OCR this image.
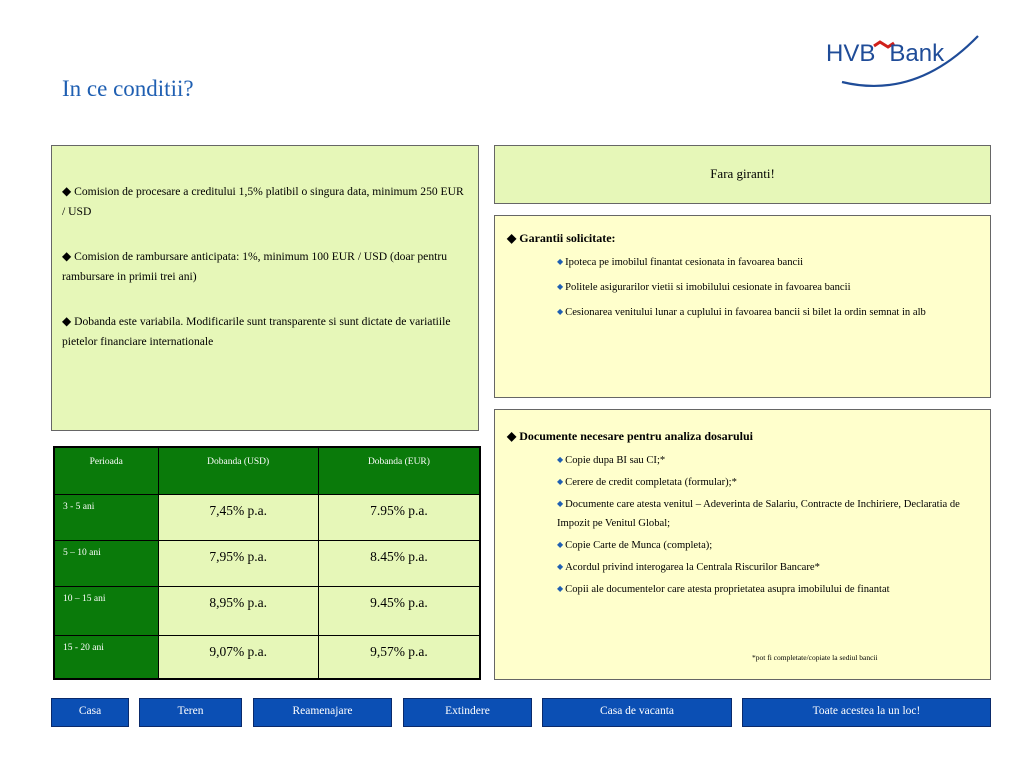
In ce conditii?
HVB Bank

◆ Comision de procesare a creditului 1,5% platibil o singura data, minimum 250 EUR / USD

◆ Comision de rambursare anticipata: 1%, minimum 100 EUR / USD (doar pentru rambursare in primii trei ani)

◆ Dobanda este variabila. Modificarile sunt transparente si sunt dictate de variatiile pietelor financiare internationale

Fara giranti!
◆ Garantii solicitate:
◆ Ipoteca pe imobilul finantat cesionata in favoarea bancii
◆ Politele asigurarilor vietii si imobilului cesionate in favoarea bancii
◆ Cesionarea venitului lunar a cuplului in favoarea bancii si bilet la ordin semnat in alb
◆ Documente necesare pentru analiza dosarului
◆ Copie dupa BI sau CI;*
◆ Cerere de credit completata (formular);*
◆ Documente care atesta venitul – Adeverinta de Salariu, Contracte de Inchiriere, Declaratia de Impozit pe Venitul Global;
◆ Copie Carte de Munca (completa);
◆ Acordul privind interogarea la Centrala Riscurilor Bancare*
◆ Copii ale documentelor care atesta proprietatea asupra imobilului de finantat
*pot fi completate/copiate la sediul bancii
Perioada	Dobanda (USD)	Dobanda (EUR)
3 - 5 ani	7,45% p.a.	7.95% p.a.
5 – 10 ani	7,95% p.a.	8.45% p.a.
10 – 15 ani	8,95% p.a.	9.45% p.a.
15 - 20 ani	9,07% p.a.	9,57% p.a.
Casa	Teren	Reamenajare	Extindere	Casa de vacanta	Toate acestea la un loc!
